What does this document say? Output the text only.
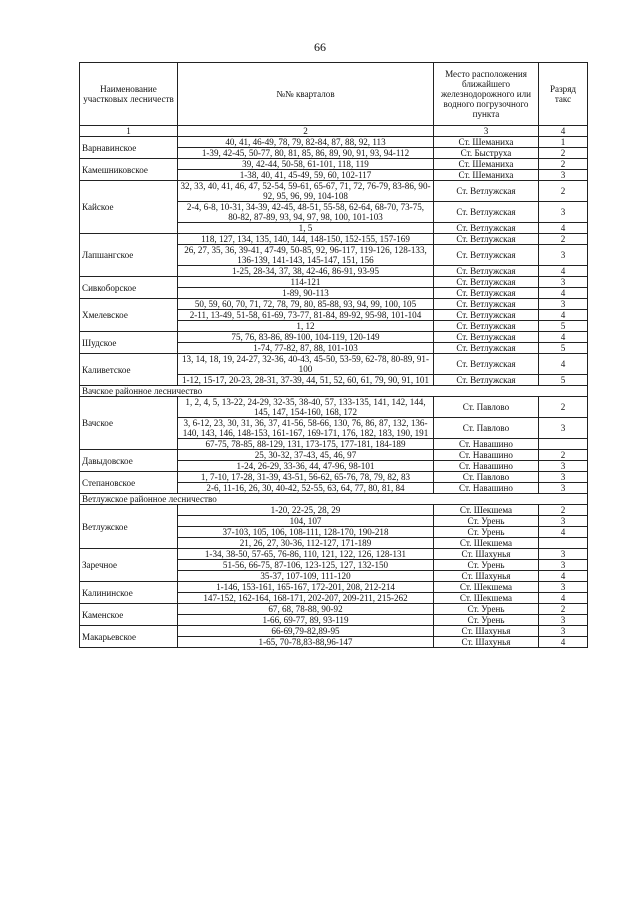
66
Наименование участковых лесничеств	№№ кварталов	Место расположения ближайшего железнодорожного или водного погрузочного пункта	Разряд такс
1	2	3	4
Варнавинское	40, 41, 46-49, 78, 79, 82-84, 87, 88, 92, 113	Ст. Шеманиха	1
	1-39, 42-45, 50-77, 80, 81, 85, 86, 89, 90, 91, 93, 94-112	Ст. Быструха	2
Камешниковское	39, 42-44, 50-58, 61-101, 118, 119	Ст. Шеманиха	2
	1-38, 40, 41, 45-49, 59, 60, 102-117	Ст. Шеманиха	3
Кайское	32, 33, 40, 41, 46, 47, 52-54, 59-61, 65-67, 71, 72, 76-79, 83-86, 90-92, 95, 96, 99, 104-108	Ст. Ветлужская	2
	2-4, 6-8, 10-31, 34-39, 42-45, 48-51, 55-58, 62-64, 68-70, 73-75, 80-82, 87-89, 93, 94, 97, 98, 100, 101-103	Ст. Ветлужская	3
	1, 5	Ст. Ветлужская	4
Лапшангское	118, 127, 134, 135, 140, 144, 148-150, 152-155, 157-169	Ст. Ветлужская	2
	26, 27, 35, 36, 39-41, 47-49, 50-85, 92, 96-117, 119-126, 128-133, 136-139, 141-143, 145-147, 151, 156	Ст. Ветлужская	3
	1-25, 28-34, 37, 38, 42-46, 86-91, 93-95	Ст. Ветлужская	4
Сивкоборское	114-121	Ст. Ветлужская	3
	1-89, 90-113	Ст. Ветлужская	4
Хмелевское	50, 59, 60, 70, 71, 72, 78, 79, 80, 85-88, 93, 94, 99, 100, 105	Ст. Ветлужская	3
	2-11, 13-49, 51-58, 61-69, 73-77, 81-84, 89-92, 95-98, 101-104	Ст. Ветлужская	4
	1, 12	Ст. Ветлужская	5
Шудское	75, 76, 83-86, 89-100, 104-119, 120-149	Ст. Ветлужская	4
	1-74, 77-82, 87, 88, 101-103	Ст. Ветлужская	5
Каливетское	13, 14, 18, 19, 24-27, 32-36, 40-43, 45-50, 53-59, 62-78, 80-89, 91-100	Ст. Ветлужская	4
	1-12, 15-17, 20-23, 28-31, 37-39, 44, 51, 52, 60, 61, 79, 90, 91, 101	Ст. Ветлужская	5
Вачское районное лесничество			
Вачское	1, 2, 4, 5, 13-22, 24-29, 32-35, 38-40, 57, 133-135, 141, 142, 144, 145, 147, 154-160, 168, 172	Ст. Павлово	2
	3, 6-12, 23, 30, 31, 36, 37, 41-56, 58-66, 130, 76, 86, 87, 132, 136-140, 143, 146, 148-153, 161-167, 169-171, 176, 182, 183, 190, 191	Ст. Павлово	3
	67-75, 78-85, 88-129, 131, 173-175, 177-181, 184-189	Ст. Навашино	
Давыдовское	25, 30-32, 37-43, 45, 46, 97	Ст. Навашино	2
	1-24, 26-29, 33-36, 44, 47-96, 98-101	Ст. Навашино	3
Степановское	1, 7-10, 17-28, 31-39, 43-51, 56-62, 65-76, 78, 79, 82, 83	Ст. Павлово	3
	2-6, 11-16, 26, 30, 40-42, 52-55, 63, 64, 77, 80, 81, 84	Ст. Навашино	3
Ветлужское районное лесничество			
Ветлужское	1-20, 22-25, 28, 29	Ст. Шекшема	2
	104, 107	Ст. Урень	3
	37-103, 105, 106, 108-111, 128-170, 190-218	Ст. Урень	4
	21, 26, 27, 30-36, 112-127, 171-189	Ст. Шекшема	
Заречное	1-34, 38-50, 57-65, 76-86, 110, 121, 122, 126, 128-131	Ст. Шахунья	3
	51-56, 66-75, 87-106, 123-125, 127, 132-150	Ст. Урень	3
	35-37, 107-109, 111-120	Ст. Шахунья	4
Калининское	1-146, 153-161, 165-167, 172-201, 208, 212-214	Ст. Шекшема	3
	147-152, 162-164, 168-171, 202-207, 209-211, 215-262	Ст. Шекшема	4
Каменское	67, 68, 78-88, 90-92	Ст. Урень	2
	1-66, 69-77, 89, 93-119	Ст. Урень	3
Макарьевское	66-69,79-82,89-95	Ст. Шахунья	3
	1-65, 70-78,83-88,96-147	Ст. Шахунья	4
